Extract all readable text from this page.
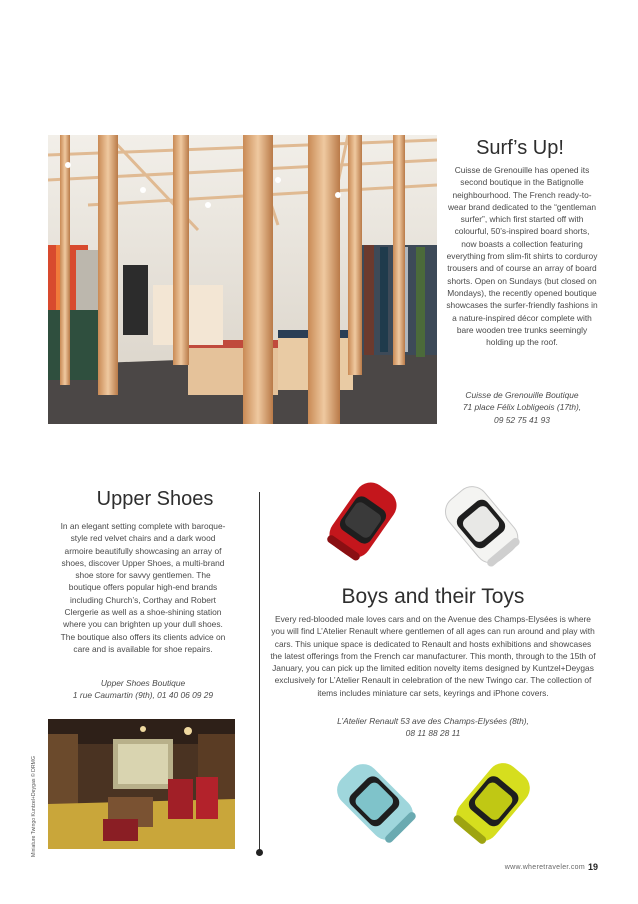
Surf’s Up!
Cuisse de Grenouille has opened its second boutique in the Batignolle neighbourhood. The French ready-to-wear brand dedicated to the “gentleman surfer”, which first started off with colourful, 50’s-inspired board shorts, now boasts a collection featuring everything from slim-fit shirts to corduroy trousers and of course an array of board shorts. Open on Sundays (but closed on Mondays), the recently opened boutique showcases the surfer-friendly fashions in a nature-inspired décor complete with bare wooden tree trunks seemingly holding up the roof.
Cuisse de Grenouille Boutique
71 place Félix Lobligeois (17th),
09 52 75 41 93
Upper Shoes
In an elegant setting complete with baroque-style red velvet chairs and a dark wood armoire beautifully showcasing an array of shoes, discover Upper Shoes, a multi-brand shoe store for savvy gentlemen. The boutique offers popular high-end brands including Church’s, Corthay and Robert Clergerie as well as a shoe-shining station where you can brighten up your dull shoes. The boutique also offers its clients advice on care and is available for shoe repairs.
Upper Shoes Boutique
1 rue Caumartin (9th), 01 40 06 09 29
Miniature Twingo Kuntzel+Deygas © DRMG
Boys and their Toys
Every red-blooded male loves cars and on the Avenue des Champs-Elysées is where you will find L’Atelier Renault where gentlemen of all ages can run around and play with cars. This unique space is dedicated to Renault and hosts exhibitions and showcases the latest offerings from the French car manufacturer. This month, through to the 15th of January, you can pick up the limited edition novelty items designed by Kuntzel+Deygas exclusively for L’Atelier Renault in celebration of the new Twingo car. The collection of items includes miniature car sets, keyrings and iPhone covers.
L’Atelier Renault 53 ave des Champs-Elysées (8th),
08 11 88 28 11
www.wheretraveler.com 19
